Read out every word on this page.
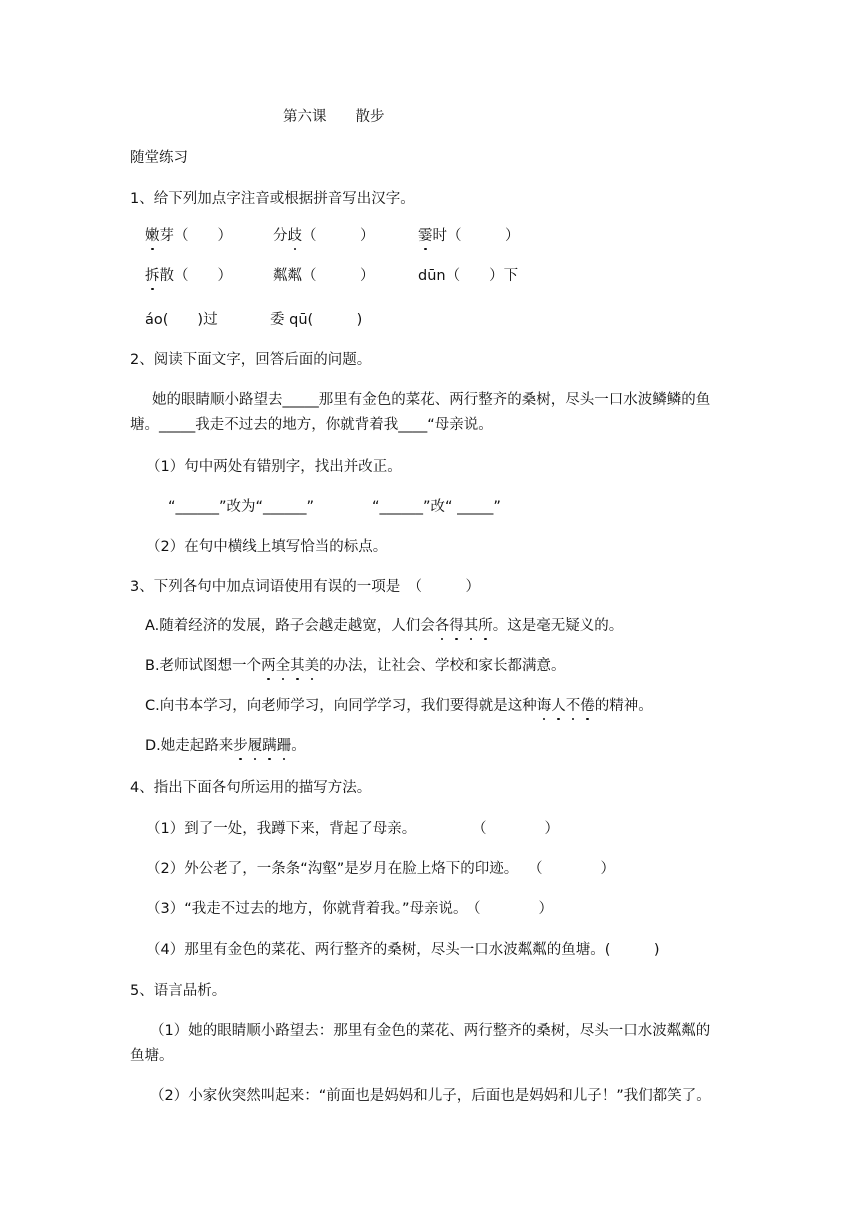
第六课　　散步
随堂练习
1、给下列加点字注音或根据拼音写出汉字。
嫩芽（　　）	分歧（　　　）	霎时（　　　）
拆散（　　）	粼粼（　　　）	dūn（　　）下
áo(　　)过	委 qū(　　　)
2、阅读下面文字，回答后面的问题。
她的眼睛顺小路望去_____那里有金色的菜花、两行整齐的桑树，尽头一口水波鳞鳞的鱼
塘。_____我走不过去的地方，你就背着我____“母亲说。
（1）句中两处有错别字，找出并改正。
“______”改为“______”	“______”改“ _____”
（2）在句中横线上填写恰当的标点。
3、下列各句中加点词语使用有误的一项是　（　　　）
A.随着经济的发展，路子会越走越宽，人们会各得其所。这是毫无疑义的。
B.老师试图想一个两全其美的办法，让社会、学校和家长都满意。
C.向书本学习，向老师学习，向同学学习，我们要得就是这种诲人不倦的精神。
D.她走起路来步履蹒跚。
4、指出下面各句所运用的描写方法。
（1）到了一处，我蹲下来，背起了母亲。	（　　　　）
（2）外公老了，一条条“沟壑”是岁月在脸上烙下的印迹。 （　　　　）
（3）“我走不过去的地方，你就背着我。”母亲说。
（　　　　）
（4）那里有金色的菜花、两行整齐的桑树，尽头一口水波粼粼的鱼塘。(　　　)
5、语言品析。
（1）她的眼睛顺小路望去：那里有金色的菜花、两行整齐的桑树，尽头一口水波粼粼的
鱼塘。
（2）小家伙突然叫起来：“前面也是妈妈和儿子，后面也是妈妈和儿子！”我们都笑了。
